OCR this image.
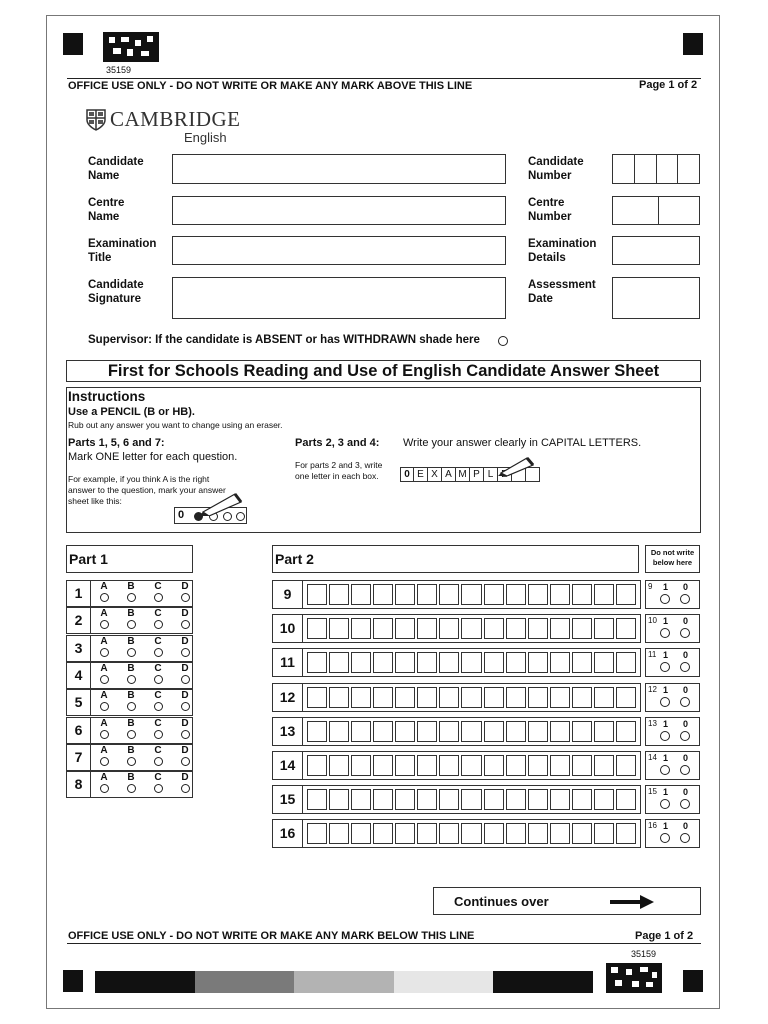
35159
OFFICE USE ONLY - DO NOT WRITE OR MAKE ANY MARK ABOVE THIS LINE	Page 1 of 2
CAMBRIDGE
English
Candidate
Name
Centre
Name
Examination
Title
Candidate
Signature
Candidate
Number
Centre
Number
Examination
Details
Assessment
Date
Supervisor: If the candidate is ABSENT or has WITHDRAWN shade here
First for Schools Reading and Use of English Candidate Answer Sheet
Instructions
Use a PENCIL (B or HB).
Rub out any answer you want to change using an eraser.
Parts 1, 5, 6 and 7:
Mark ONE letter for each question.
For example, if you think A is the right answer to the question, mark your answer sheet like this:
0
Parts 2, 3 and 4: Write your answer clearly in CAPITAL LETTERS.
For parts 2 and 3, write one letter in each box.	0 E X A M P L
Part 1
1	A	B	C	D
2	A	B	C	D
3	A	B	C	D
4	A	B	C	D
5	A	B	C	D
6	A	B	C	D
7	A	B	C	D
8	A	B	C	D
Part 2	Do not write below here
9	9 1 0
10	10 1 0
11	11 1 0
12	12 1 0
13	13 1 0
14	14 1 0
15	15 1 0
16	16 1 0
Continues over
OFFICE USE ONLY - DO NOT WRITE OR MAKE ANY MARK BELOW THIS LINE	Page 1 of 2
35159
